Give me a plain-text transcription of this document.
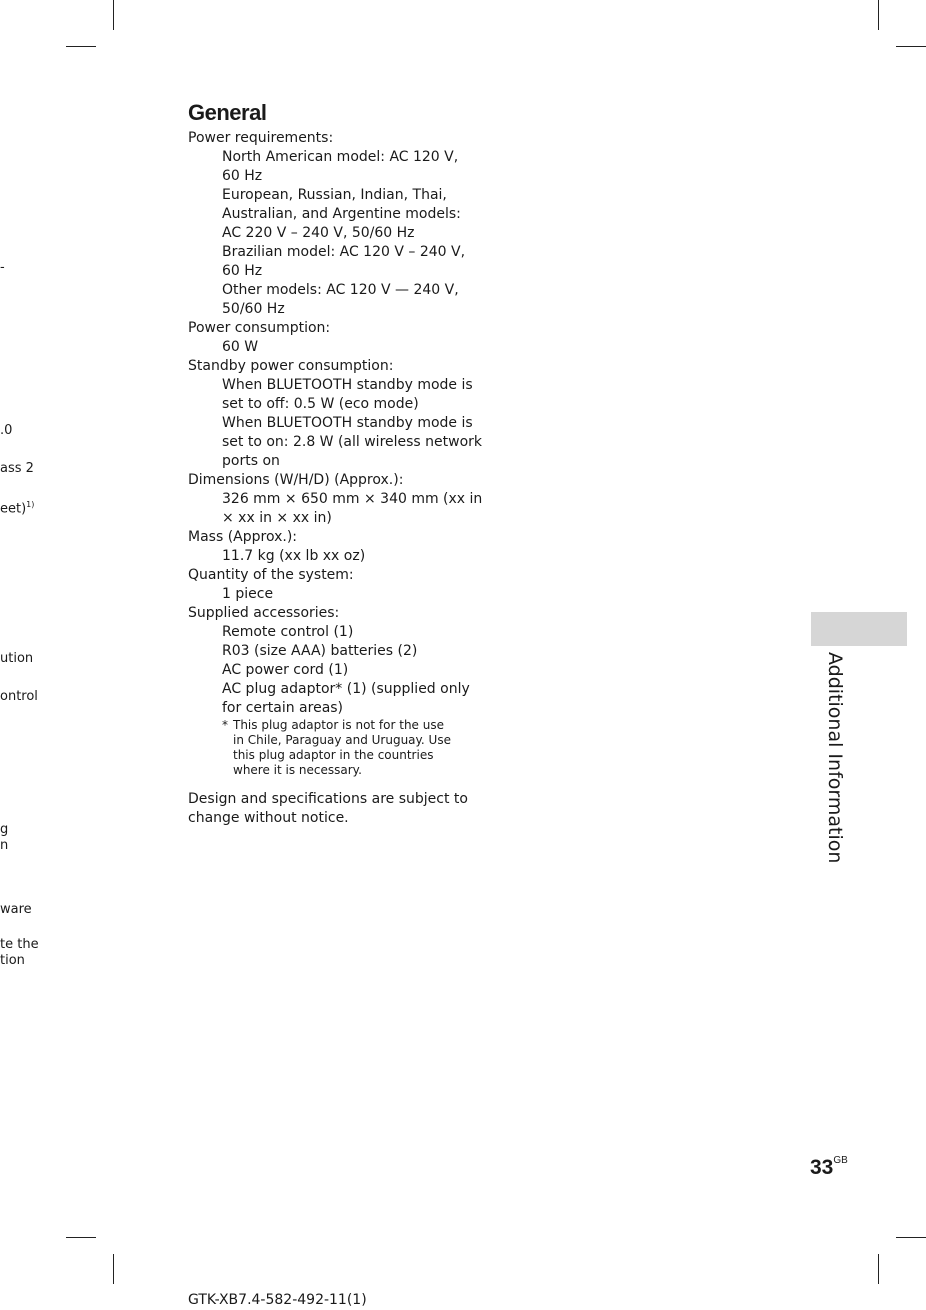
-
.0
ass 2
eet)$^{1)}$
ution
ontrol
g
n
ware
te the
tion
General

Power requirements:

North American model: AC 120 V,

60 Hz

European, Russian, Indian, Thai,

Australian, and Argentine models:

AC 220 V – 240 V, 50/60 Hz

Brazilian model: AC 120 V – 240 V,

60 Hz

Other models: AC 120 V — 240 V,

50/60 Hz

Power consumption:

60 W

Standby power consumption:

When BLUETOOTH standby mode is

set to off: 0.5 W (eco mode)

When BLUETOOTH standby mode is

set to on: 2.8 W (all wireless network

ports on

Dimensions (W/H/D) (Approx.):

326 mm × 650 mm × 340 mm (xx in

× xx in × xx in)

Mass (Approx.):

11.7 kg (xx lb xx oz)

Quantity of the system:

1 piece

Supplied accessories:

Remote control (1)

R03 (size AAA) batteries (2)

AC power cord (1)

AC plug adaptor* (1) (supplied only

for certain areas)

* This plug adaptor is not for the use
in Chile, Paraguay and Uruguay. Use
this plug adaptor in the countries
where it is necessary.
Design and specifications are subject to
change without notice.	Additional Information
$33^{GB}$
GTK-XB7.4-582-492-11(1)
